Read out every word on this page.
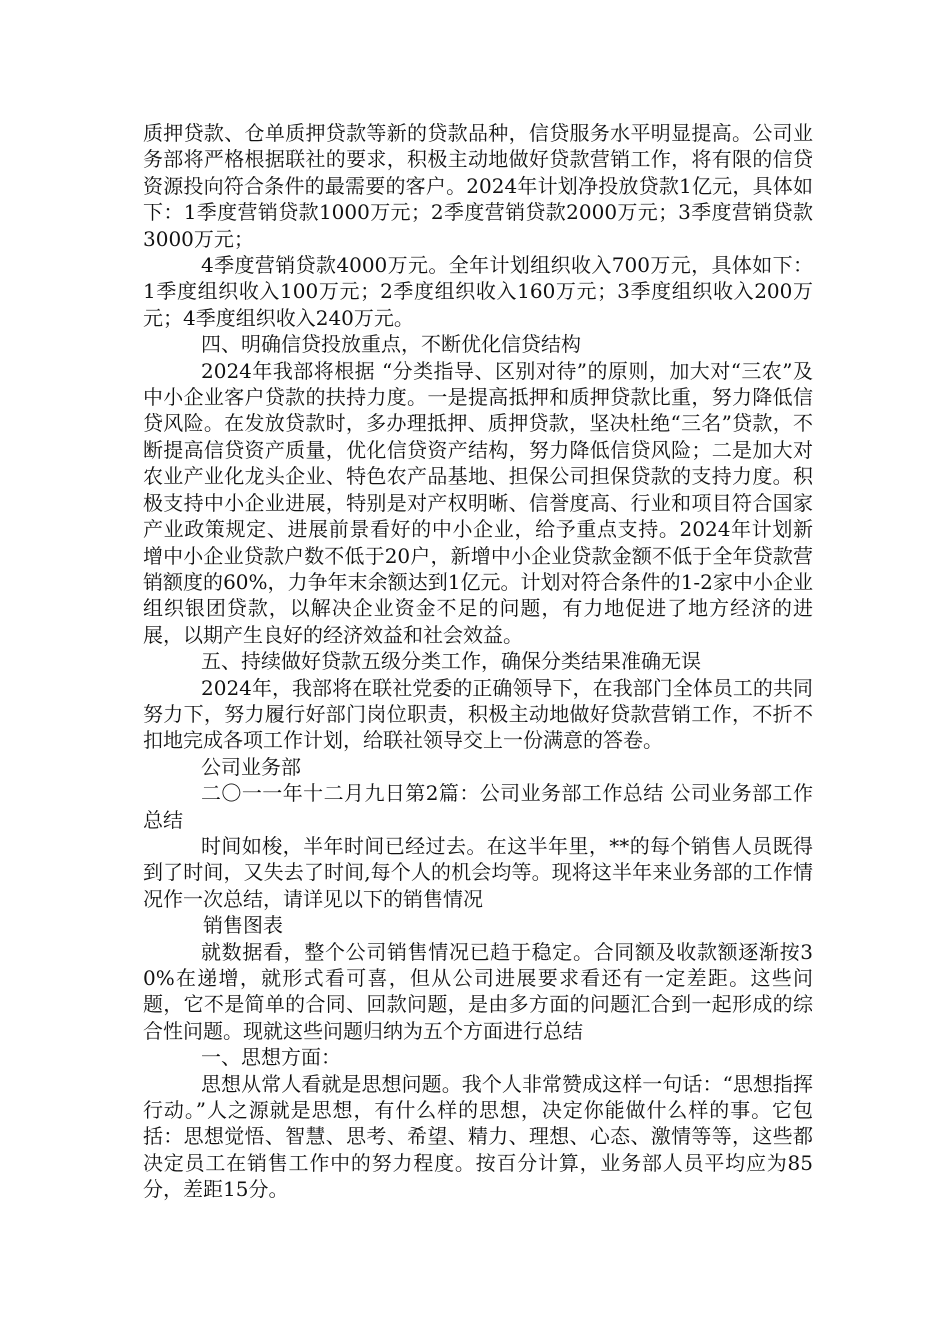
质押贷款、仓单质押贷款等新的贷款品种，信贷服务水平明显提高。公司业务部将严格根据联社的要求，积极主动地做好贷款营销工作，将有限的信贷资源投向符合条件的最需要的客户。2024年计划净投放贷款1亿元，具体如下：1季度营销贷款1000万元；2季度营销贷款2000万元；3季度营销贷款3000万元；

4季度营销贷款4000万元。全年计划组织收入700万元，具体如下：1季度组织收入100万元；2季度组织收入160万元；3季度组织收入200万元；4季度组织收入240万元。

四、明确信贷投放重点，不断优化信贷结构

2024年我部将根据 “分类指导、区别对待”的原则，加大对“三农”及中小企业客户贷款的扶持力度。一是提高抵押和质押贷款比重，努力降低信贷风险。在发放贷款时，多办理抵押、质押贷款，坚决杜绝“三名”贷款，不断提高信贷资产质量，优化信贷资产结构，努力降低信贷风险；二是加大对农业产业化龙头企业、特色农产品基地、担保公司担保贷款的支持力度。积极支持中小企业进展，特别是对产权明晰、信誉度高、行业和项目符合国家产业政策规定、进展前景看好的中小企业，给予重点支持。2024年计划新增中小企业贷款户数不低于20户，新增中小企业贷款金额不低于全年贷款营销额度的60%，力争年末余额达到1亿元。计划对符合条件的1-2家中小企业组织银团贷款，以解决企业资金不足的问题，有力地促进了地方经济的进展，以期产生良好的经济效益和社会效益。

五、持续做好贷款五级分类工作，确保分类结果准确无误

2024年，我部将在联社党委的正确领导下，在我部门全体员工的共同努力下，努力履行好部门岗位职责，积极主动地做好贷款营销工作，不折不扣地完成各项工作计划，给联社领导交上一份满意的答卷。

公司业务部

二〇一一年十二月九日第2篇：公司业务部工作总结 公司业务部工作总结

时间如梭，半年时间已经过去。在这半年里，**的每个销售人员既得到了时间，又失去了时间,每个人的机会均等。现将这半年来业务部的工作情况作一次总结，请详见以下的销售情况

销售图表

就数据看，整个公司销售情况已趋于稳定。合同额及收款额逐渐按30%在递增，就形式看可喜，但从公司进展要求看还有一定差距。这些问题，它不是简单的合同、回款问题，是由多方面的问题汇合到一起形成的综合性问题。现就这些问题归纳为五个方面进行总结

一、思想方面：

思想从常人看就是思想问题。我个人非常赞成这样一句话：“思想指挥行动。”人之源就是思想，有什么样的思想，决定你能做什么样的事。它包括：思想觉悟、智慧、思考、希望、精力、理想、心态、激情等等，这些都决定员工在销售工作中的努力程度。按百分计算，业务部人员平均应为85分，差距15分。
